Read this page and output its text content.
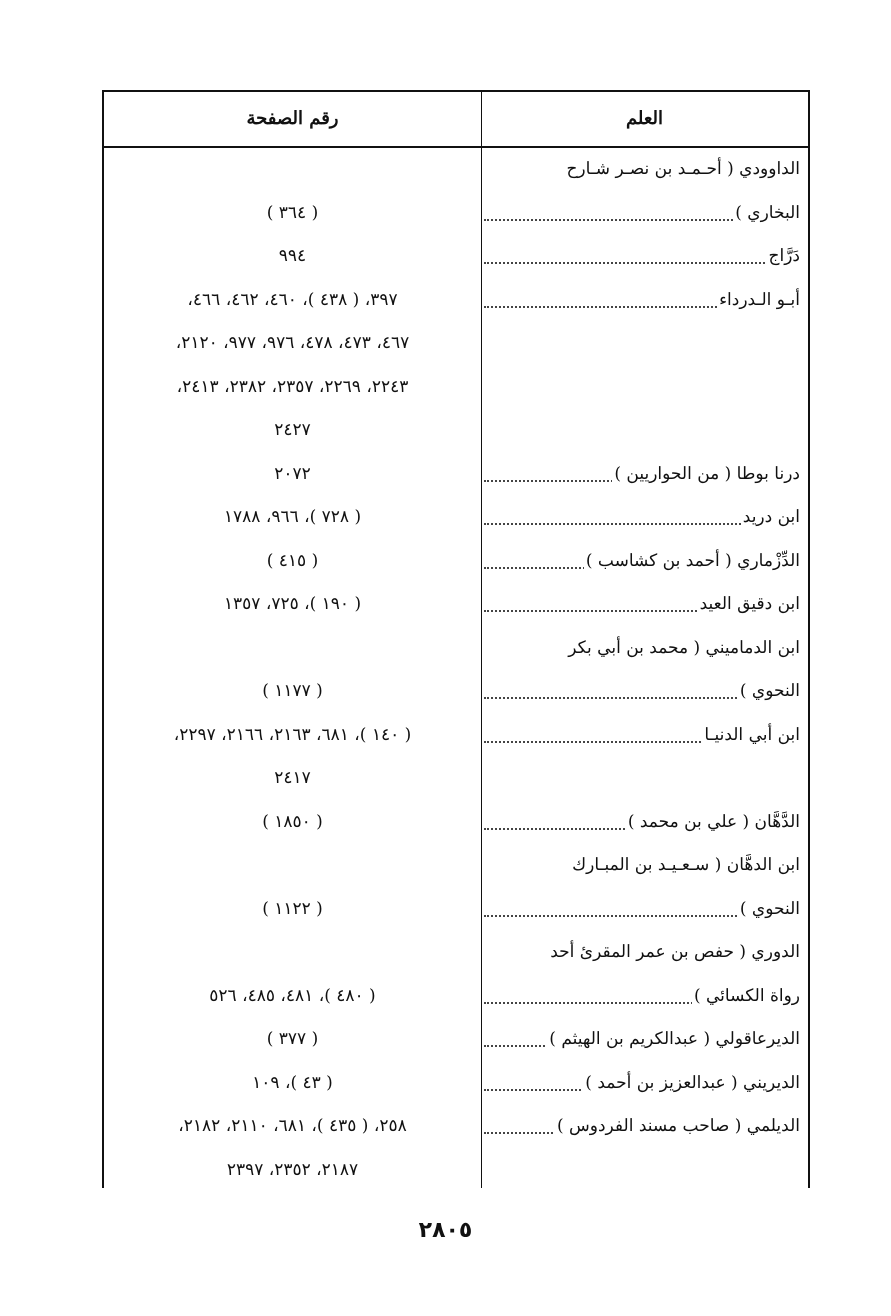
العلم
رقم الصفحة
الداوودي ( أحـمـد بن نصـر شـارح
البخاري )
( ٣٦٤ )
دَرَّاج
٩٩٤
أبـو الـدرداء
٣٩٧، ( ٤٣٨ )، ٤٦٠، ٤٦٢، ٤٦٦،
٤٦٧، ٤٧٣، ٤٧٨، ٩٧٦، ٩٧٧، ٢١٢٠،
٢٢٤٣، ٢٢٦٩، ٢٣٥٧، ٢٣٨٢، ٢٤١٣،
٢٤٢٧
درنا بوطا ( من الحواريين )
٢٠٧٢
ابن دريد
( ٧٢٨ )، ٩٦٦، ١٧٨٨
الدِّزْماري ( أحمد بن كشاسب )
( ٤١٥ )
ابن دقيق العيد
( ١٩٠ )، ٧٢٥، ١٣٥٧
ابن الدماميني ( محمد بن أبي بكر
النحوي )
( ١١٧٧ )
ابن أبي الدنيـا
( ١٤٠ )، ٦٨١، ٢١٦٣، ٢١٦٦، ٢٢٩٧،
٢٤١٧
الدَّهَّان ( علي بن محمد )
( ١٨٥٠ )
ابن الدهَّان ( سـعـيـد بن المبـارك
النحوي )
( ١١٢٢ )
الدوري ( حفص بن عمر المقرئ أحد
رواة الكسائي )
( ٤٨٠ )، ٤٨١، ٤٨٥، ٥٢٦
الديرعاقولي ( عبدالكريم بن الهيثم )
( ٣٧٧ )
الديريني ( عبدالعزيز بن أحمد )
( ٤٣ )، ١٠٩
الديلمي ( صاحب مسند الفردوس )
٢٥٨، ( ٤٣٥ )، ٦٨١، ٢١١٠، ٢١٨٢،
٢١٨٧، ٢٣٥٢، ٢٣٩٧
٢٨٠٥
